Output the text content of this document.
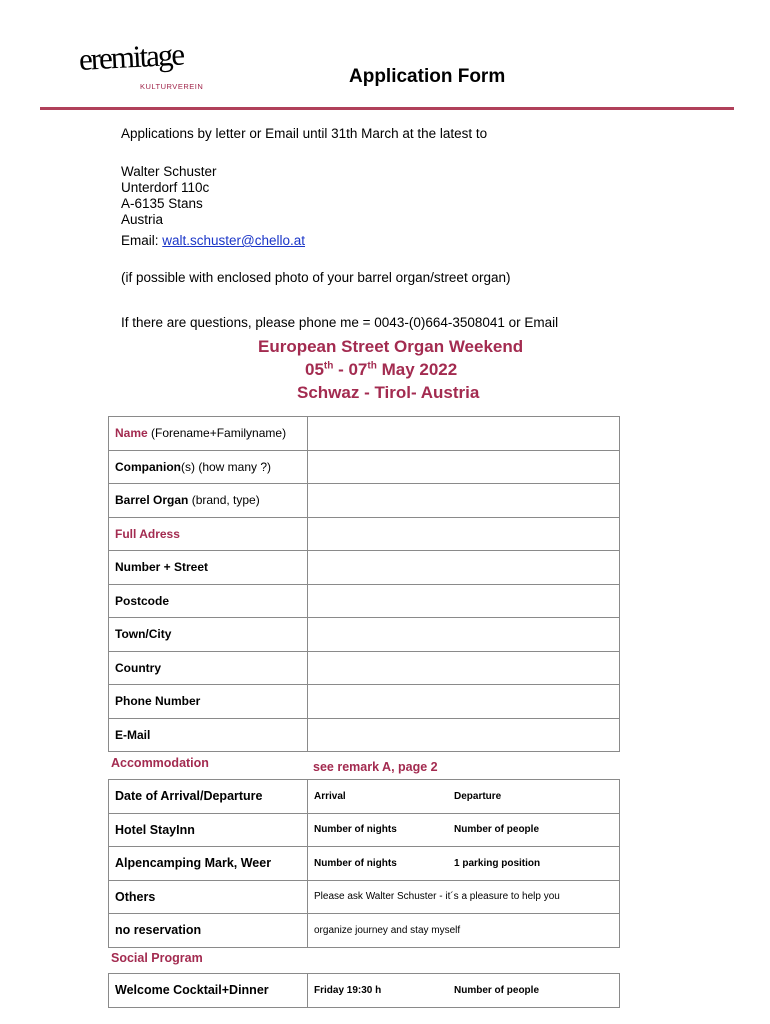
eremitage
KULTURVEREIN	Application Form
Applications by letter or Email until 31th March at the latest to
Walter Schuster
Unterdorf 110c
A-6135 Stans
Austria
Email: walt.schuster@chello.at
(if possible with enclosed photo of your barrel organ/street organ)
If there are questions, please phone me = 0043-(0)664-3508041 or Email
European Street Organ Weekend
05th - 07th May 2022
Schwaz - Tirol- Austria
Name (Forename+Familyname)	
Companion(s) (how many ?)	
Barrel Organ (brand, type)	
Full Adress	
Number + Street	
Postcode	
Town/City	
Country	
Phone Number	
E-Mail	
Accommodation	see remark A, page 2
Date of Arrival/Departure	Arrival Departure
Hotel StayInn	Number of nights Number of people
Alpencamping Mark, Weer	Number of nights 1 parking position
Others	Please ask Walter Schuster - it´s a pleasure to help you
no reservation	organize journey and stay myself
Social Program
Welcome Cocktail+Dinner	Friday 19:30 h	Number of people
